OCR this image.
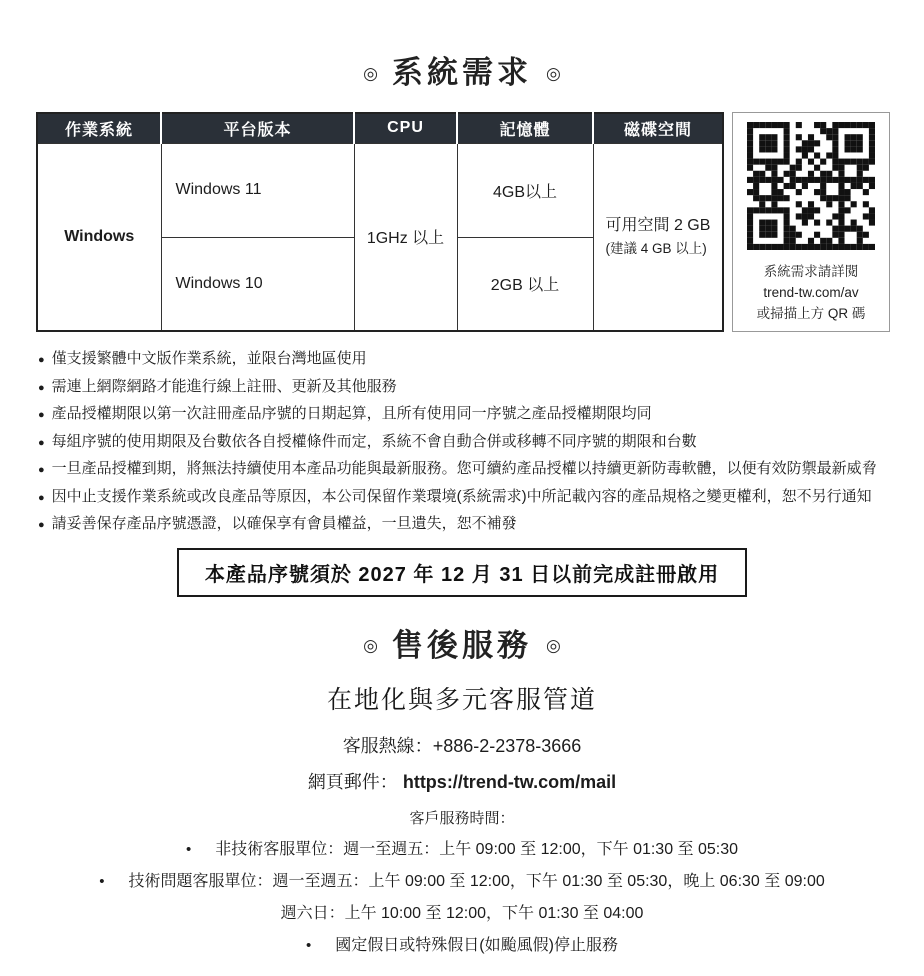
◎ 系統需求 ◎
作業系統	平台版本	CPU	記憶體	磁碟空間
Windows	Windows 11	1GHz 以上	4GB以上	可用空間 2 GB
(建議 4 GB 以上)

	Windows 10		2GB 以上	
系統需求請詳閱
trend-tw.com/av
或掃描上方 QR 碼
● 僅支援繁體中文版作業系統，並限台灣地區使用
● 需連上網際網路才能進行線上註冊、更新及其他服務
● 產品授權期限以第一次註冊產品序號的日期起算，且所有使用同一序號之產品授權期限均同
● 每組序號的使用期限及台數依各自授權條件而定，系統不會自動合併或移轉不同序號的期限和台數
● 一旦產品授權到期，將無法持續使用本產品功能與最新服務。您可續約產品授權以持續更新防毒軟體，以便有效防禦最新威脅
● 因中止支援作業系統或改良產品等原因，本公司保留作業環境(系統需求)中所記載內容的產品規格之變更權利，恕不另行通知
● 請妥善保存產品序號憑證，以確保享有會員權益，一旦遺失，恕不補發
本產品序號須於 2027 年 12 月 31 日以前完成註冊啟用
◎ 售後服務 ◎
在地化與多元客服管道
客服熱線：+886-2-2378-3666
網頁郵件： https://trend-tw.com/mail
客戶服務時間：
• 非技術客服單位：週一至週五：上午 09:00 至 12:00，下午 01:30 至 05:30
• 技術問題客服單位：週一至週五：上午 09:00 至 12:00，下午 01:30 至 05:30，晚上 06:30 至 09:00
週六日：上午 10:00 至 12:00，下午 01:30 至 04:00
• 國定假日或特殊假日(如颱風假)停止服務
